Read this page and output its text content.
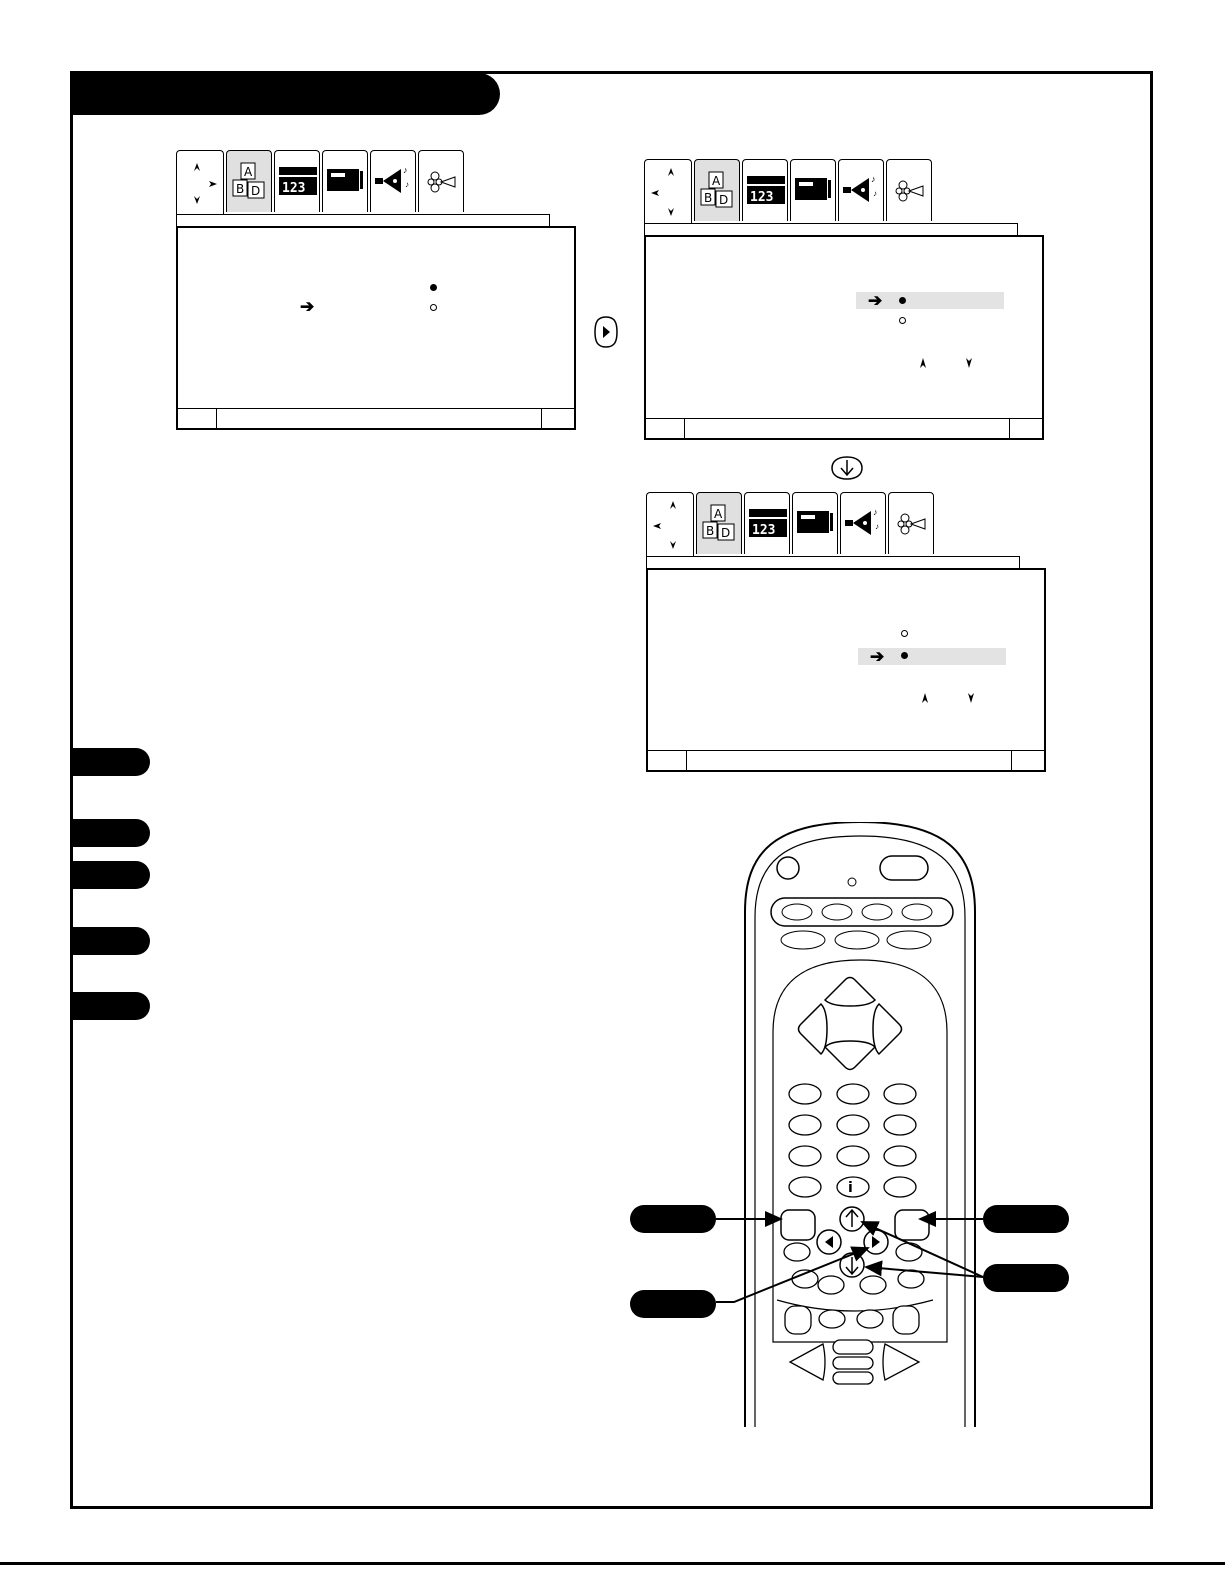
A
B D 123
♪
♪
➔
A
B D 123
♪
♪
➔
A
B D 123
♪
♪
➔
i
